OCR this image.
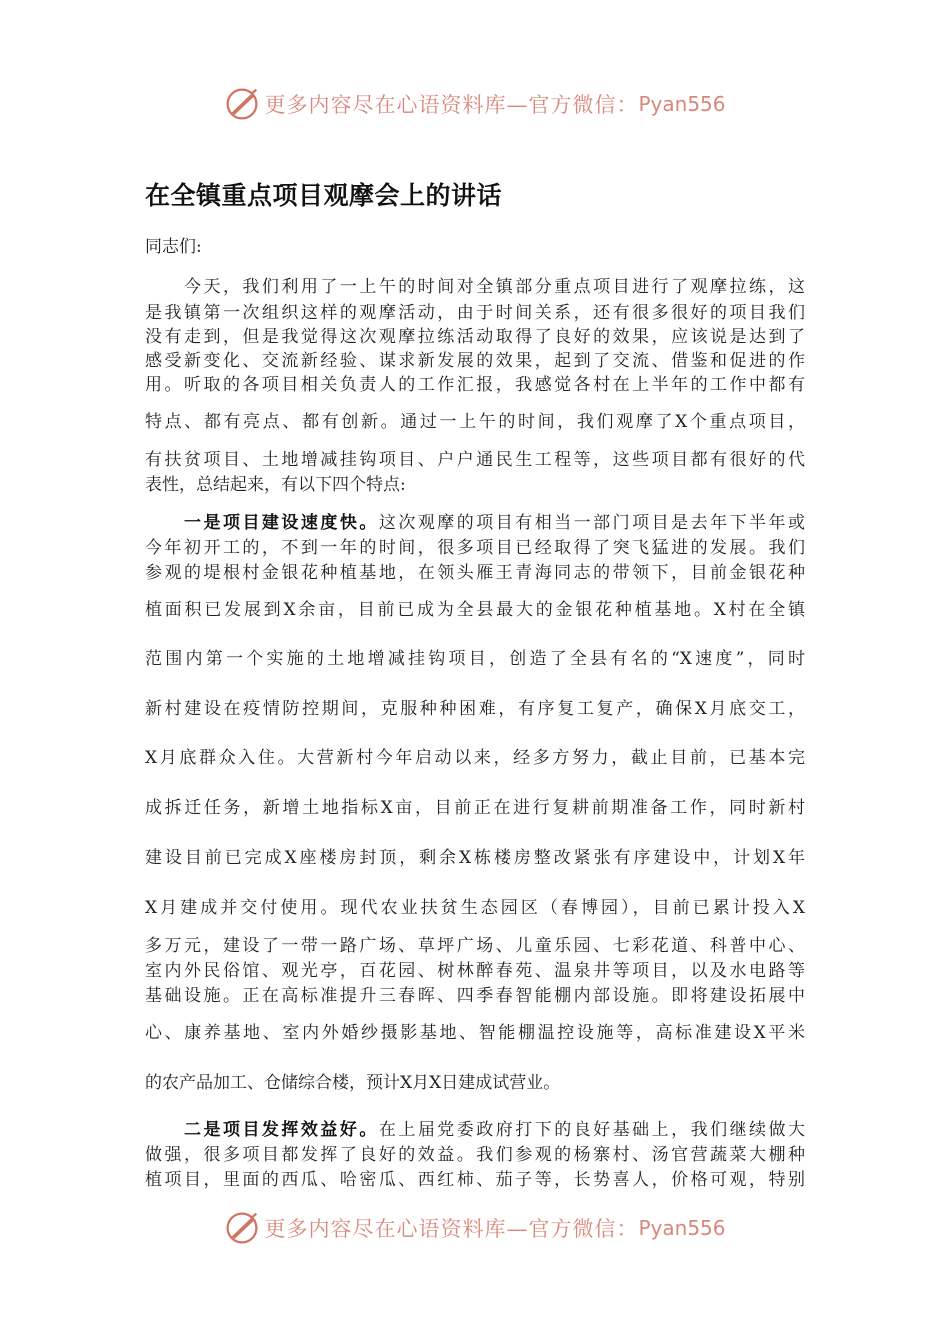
更多内容尽在心语资料库—官方微信： Pyan556
在全镇重点项目观摩会上的讲话
同志们:
　　今天，我们利用了一上午的时间对全镇部分重点项目进行了观摩拉练，这
是我镇第一次组织这样的观摩活动，由于时间关系，还有很多很好的项目我们
没有走到，但是我觉得这次观摩拉练活动取得了良好的效果，应该说是达到了
感受新变化、交流新经验、谋求新发展的效果，起到了交流、借鉴和促进的作
用。听取的各项目相关负责人的工作汇报，我感觉各村在上半年的工作中都有
特点、都有亮点、都有创新。通过一上午的时间，我们观摩了X个重点项目，
有扶贫项目、土地增减挂钩项目、户户通民生工程等，这些项目都有很好的代
表性，总结起来，有以下四个特点:
　　一是项目建设速度快。这次观摩的项目有相当一部门项目是去年下半年或
今年初开工的，不到一年的时间，很多项目已经取得了突飞猛进的发展。我们
参观的堤根村金银花种植基地，在领头雁王青海同志的带领下，目前金银花种
植面积已发展到X余亩，目前已成为全县最大的金银花种植基地。X村在全镇
范围内第一个实施的土地增减挂钩项目，创造了全县有名的“X速度”，同时
新村建设在疫情防控期间，克服种种困难，有序复工复产，确保X月底交工，
X月底群众入住。大营新村今年启动以来，经多方努力，截止目前，已基本完
成拆迁任务，新增土地指标X亩，目前正在进行复耕前期准备工作，同时新村
建设目前已完成X座楼房封顶，剩余X栋楼房整改紧张有序建设中，计划X年
X月建成并交付使用。现代农业扶贫生态园区（春博园），目前已累计投入X
多万元，建设了一带一路广场、草坪广场、儿童乐园、七彩花道、科普中心、
室内外民俗馆、观光亭，百花园、树林醉春苑、温泉井等项目，以及水电路等
基础设施。正在高标准提升三春晖、四季春智能棚内部设施。即将建设拓展中
心、康养基地、室内外婚纱摄影基地、智能棚温控设施等，高标准建设X平米
的农产品加工、仓储综合楼，预计X月X日建成试营业。
　　二是项目发挥效益好。在上届党委政府打下的良好基础上，我们继续做大
做强，很多项目都发挥了良好的效益。我们参观的杨寨村、汤官营蔬菜大棚种
植项目，里面的西瓜、哈密瓜、西红柿、茄子等，长势喜人，价格可观，特别
更多内容尽在心语资料库—官方微信： Pyan556
